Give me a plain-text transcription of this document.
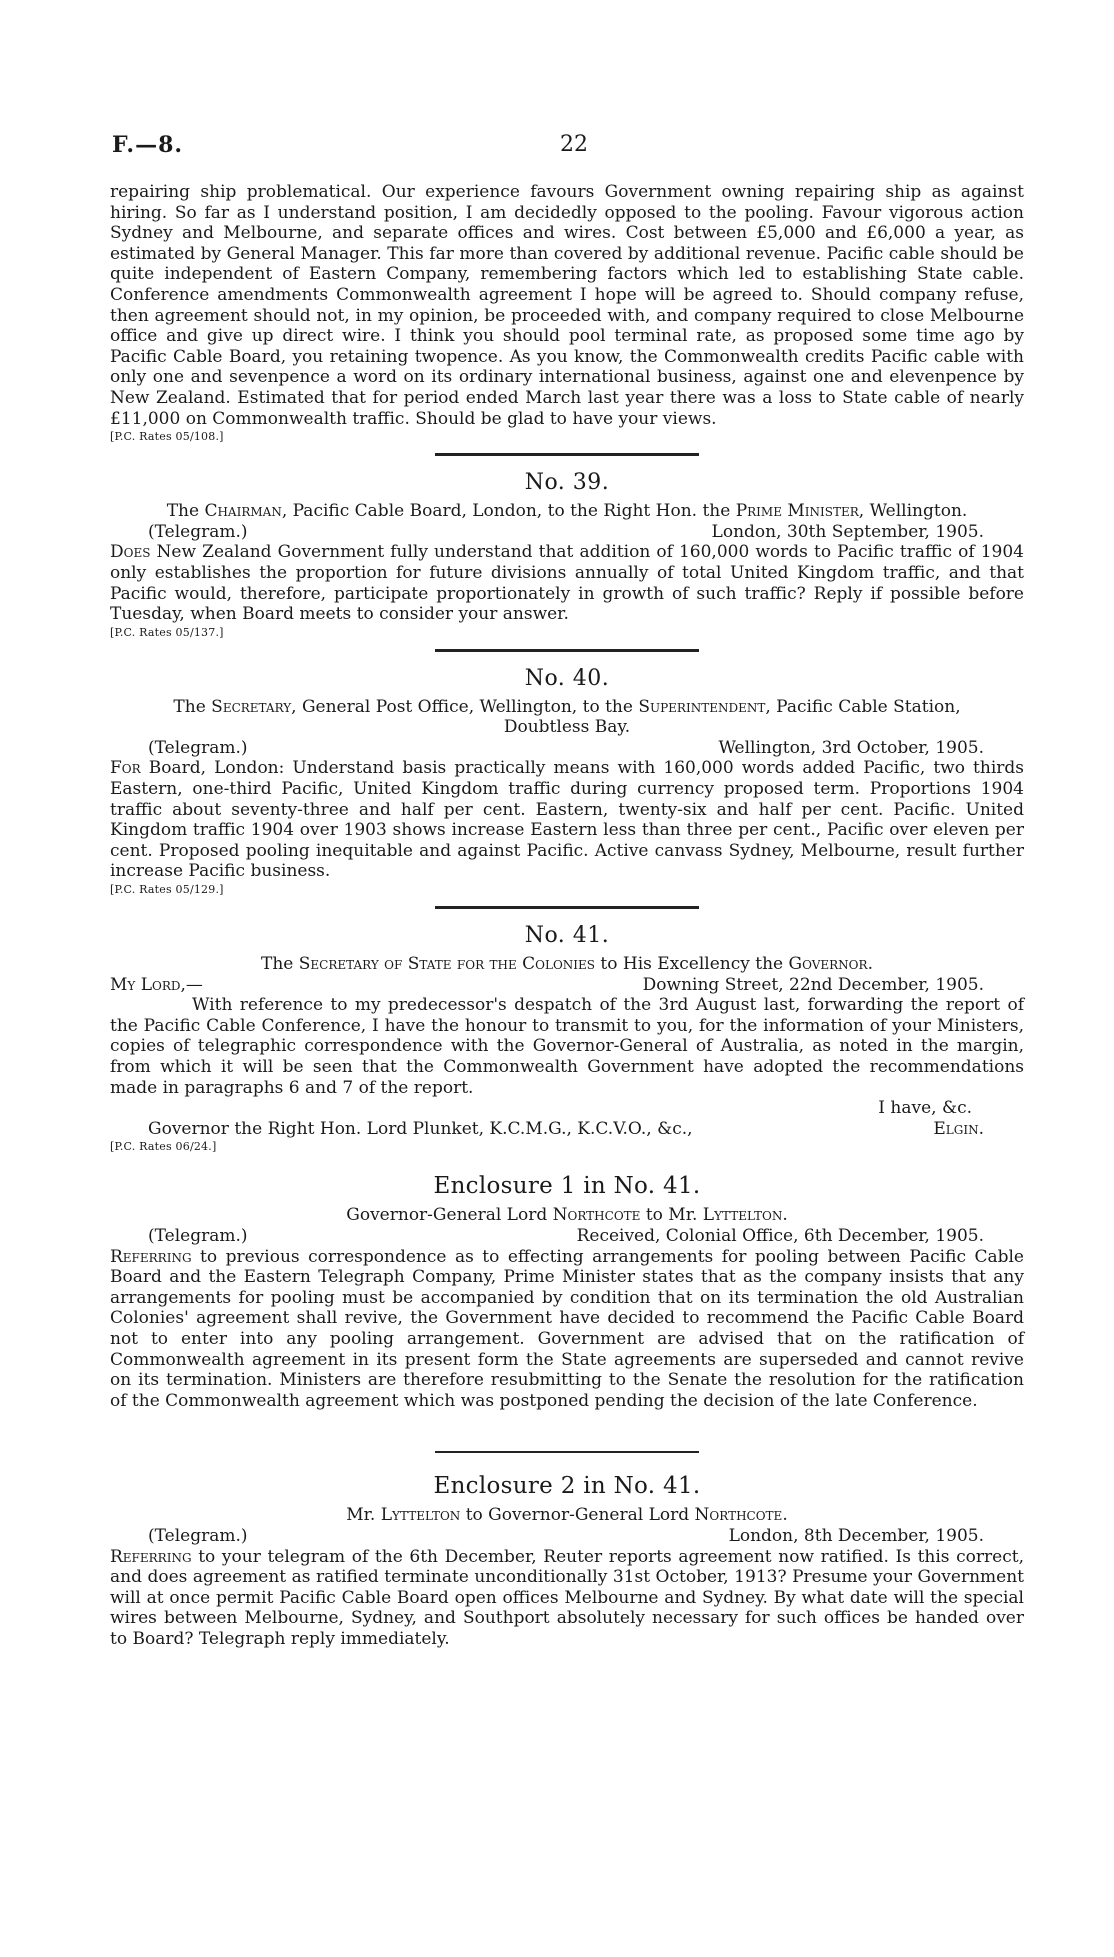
F.—8.	22

repairing ship problematical. Our experience favours Government owning repairing ship as against hiring. So far as I understand position, I am decidedly opposed to the pooling. Favour vigorous action Sydney and Melbourne, and separate offices and wires. Cost between £5,000 and £6,000 a year, as estimated by General Manager. This far more than covered by additional revenue. Pacific cable should be quite independent of Eastern Company, remembering factors which led to establishing State cable. Conference amendments Commonwealth agreement I hope will be agreed to. Should company refuse, then agreement should not, in my opinion, be proceeded with, and company required to close Melbourne office and give up direct wire. I think you should pool terminal rate, as proposed some time ago by Pacific Cable Board, you retaining twopence. As you know, the Commonwealth credits Pacific cable with only one and sevenpence a word on its ordinary international business, against one and elevenpence by New Zealand. Estimated that for period ended March last year there was a loss to State cable of nearly £11,000 on Commonwealth traffic. Should be glad to have your views.

[P.C. Rates 05/108.]
No. 39.
The Chairman, Pacific Cable Board, London, to the Right Hon. the Prime Minister, Wellington.
(Telegram.)	London, 30th September, 1905.

Does New Zealand Government fully understand that addition of 160,000 words to Pacific traffic of 1904 only establishes the proportion for future divisions annually of total United Kingdom traffic, and that Pacific would, therefore, participate proportionately in growth of such traffic? Reply if possible before Tuesday, when Board meets to consider your answer.

[P.C. Rates 05/137.]
No. 40.
The Secretary, General Post Office, Wellington, to the Superintendent, Pacific Cable Station,
Doubtless Bay.
(Telegram.)	Wellington, 3rd October, 1905.

For Board, London: Understand basis practically means with 160,000 words added Pacific, two thirds Eastern, one-third Pacific, United Kingdom traffic during currency proposed term. Proportions 1904 traffic about seventy-three and half per cent. Eastern, twenty-six and half per cent. Pacific. United Kingdom traffic 1904 over 1903 shows increase Eastern less than three per cent., Pacific over eleven per cent. Proposed pooling inequitable and against Pacific. Active canvass Sydney, Melbourne, result further increase Pacific business.

[P.C. Rates 05/129.]
No. 41.
The Secretary of State for the Colonies to His Excellency the Governor.
My Lord,—	Downing Street, 22nd December, 1905.

With reference to my predecessor's despatch of the 3rd August last, forwarding the report of the Pacific Cable Conference, I have the honour to transmit to you, for the information of your Ministers, copies of telegraphic correspondence with the Governor-General of Australia, as noted in the margin, from which it will be seen that the Commonwealth Government have adopted the recommendations made in paragraphs 6 and 7 of the report.

I have, &c.
Governor the Right Hon. Lord Plunket, K.C.M.G., K.C.V.O., &c.,	Elgin.
[P.C. Rates 06/24.]
Enclosure 1 in No. 41.
Governor-General Lord Northcote to Mr. Lyttelton.
(Telegram.)	Received, Colonial Office, 6th December, 1905.

Referring to previous correspondence as to effecting arrangements for pooling between Pacific Cable Board and the Eastern Telegraph Company, Prime Minister states that as the company insists that any arrangements for pooling must be accompanied by condition that on its termination the old Australian Colonies' agreement shall revive, the Government have decided to recommend the Pacific Cable Board not to enter into any pooling arrangement. Government are advised that on the ratification of Commonwealth agreement in its present form the State agreements are superseded and cannot revive on its termination. Ministers are therefore resubmitting to the Senate the resolution for the ratification of the Commonwealth agreement which was postponed pending the decision of the late Conference.

Enclosure 2 in No. 41.
Mr. Lyttelton to Governor-General Lord Northcote.
(Telegram.)	London, 8th December, 1905.

Referring to your telegram of the 6th December, Reuter reports agreement now ratified. Is this correct, and does agreement as ratified terminate unconditionally 31st October, 1913? Presume your Government will at once permit Pacific Cable Board open offices Melbourne and Sydney. By what date will the special wires between Melbourne, Sydney, and Southport absolutely necessary for such offices be handed over to Board? Telegraph reply immediately.
